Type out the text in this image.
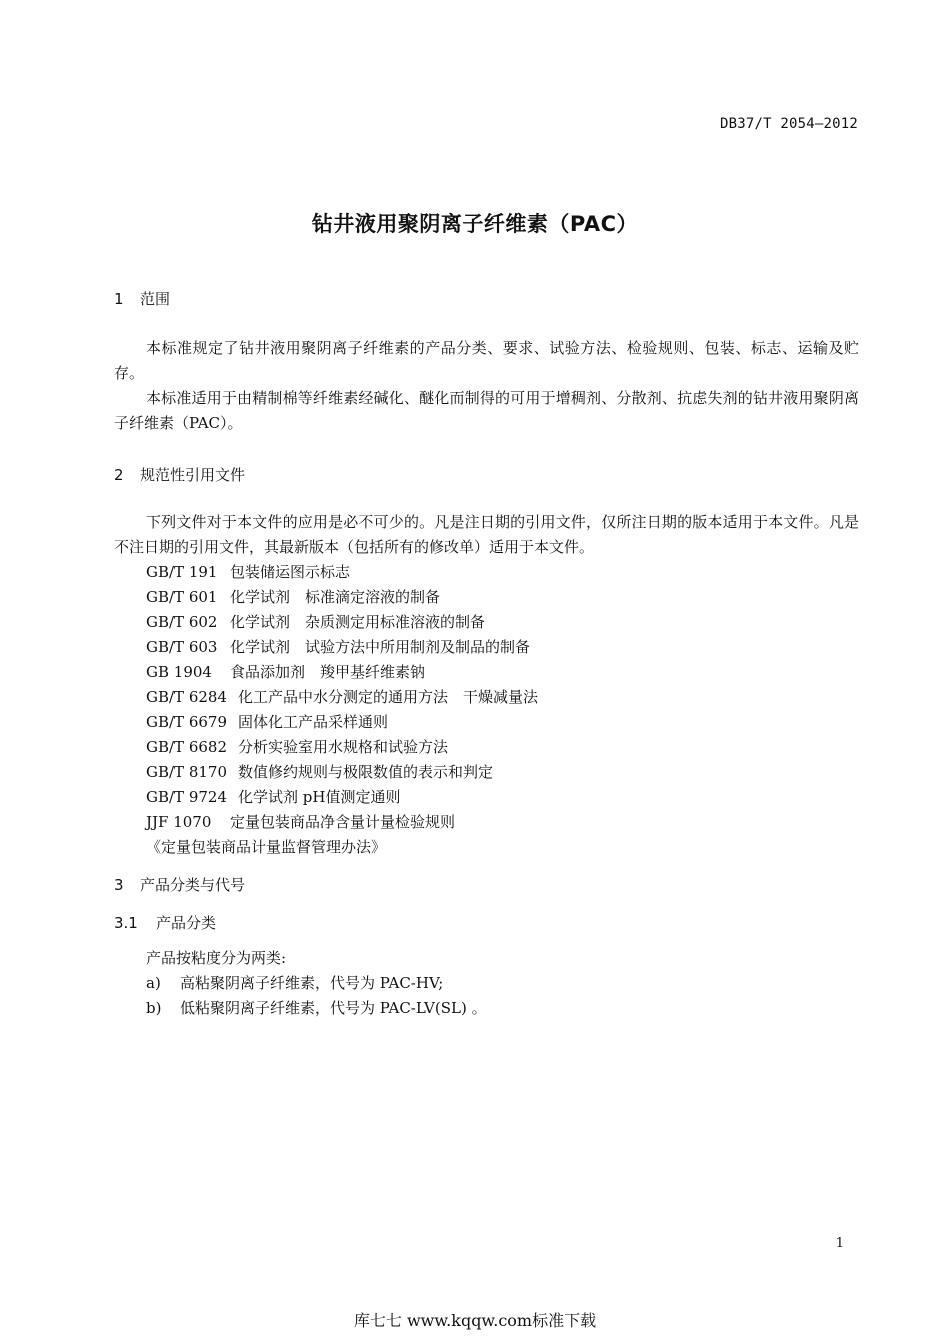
DB37/T 2054—2012
钻井液用聚阴离子纤维素（PAC）
1 范围
本标准规定了钻井液用聚阴离子纤维素的产品分类、要求、试验方法、检验规则、包装、标志、运输及贮存。
本标准适用于由精制棉等纤维素经碱化、醚化而制得的可用于增稠剂、分散剂、抗虑失剂的钻井液用聚阴离子纤维素（PAC）。
2 规范性引用文件
下列文件对于本文件的应用是必不可少的。凡是注日期的引用文件，仅所注日期的版本适用于本文件。凡是不注日期的引用文件，其最新版本（包括所有的修改单）适用于本文件。
GB/T 191 包装储运图示标志
GB/T 601 化学试剂　标准滴定溶液的制备
GB/T 602 化学试剂　杂质测定用标准溶液的制备
GB/T 603 化学试剂　试验方法中所用制剂及制品的制备
GB 1904 食品添加剂　羧甲基纤维素钠
GB/T 6284 化工产品中水分测定的通用方法　干燥减量法
GB/T 6679 固体化工产品采样通则
GB/T 6682 分析实验室用水规格和试验方法
GB/T 8170 数值修约规则与极限数值的表示和判定
GB/T 9724 化学试剂 pH值测定通则
JJF 1070 定量包装商品净含量计量检验规则
《定量包装商品计量监督管理办法》
3 产品分类与代号
3.1 产品分类
产品按粘度分为两类:
a) 高粘聚阴离子纤维素，代号为 PAC-HV;
b) 低粘聚阴离子纤维素，代号为 PAC-LV(SL) 。
1
库七七 www.kqqw.com标准下载
